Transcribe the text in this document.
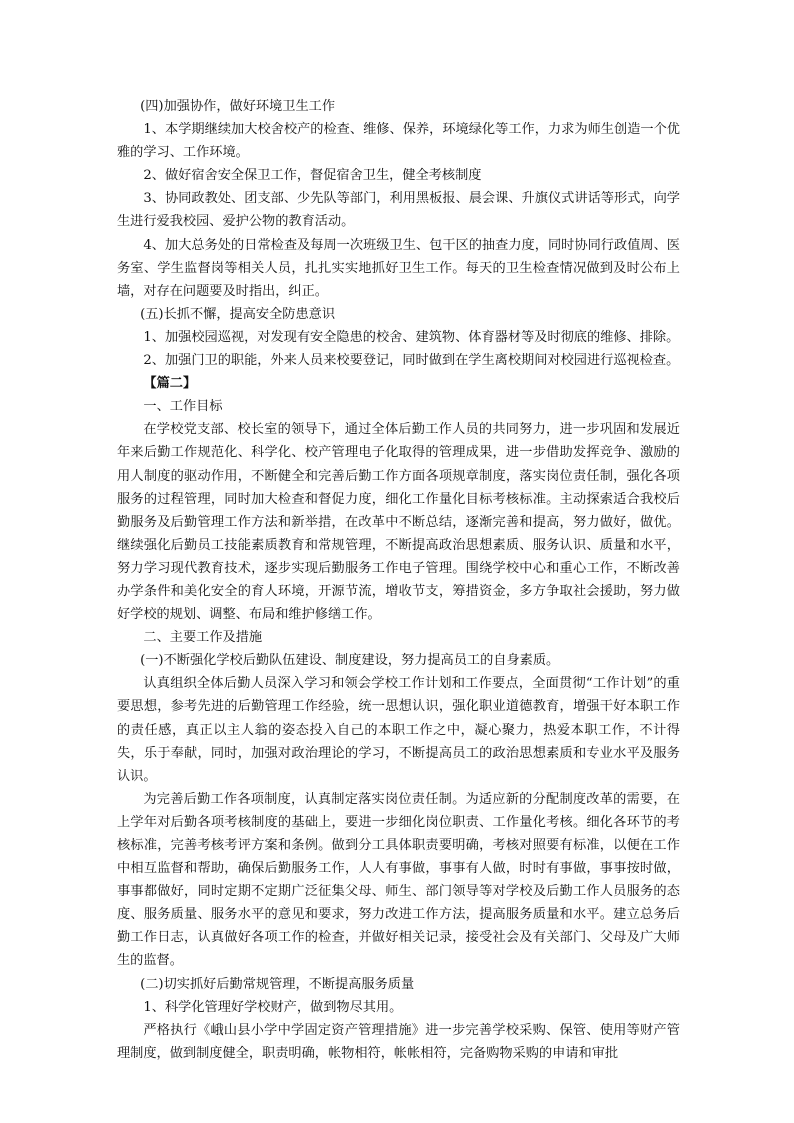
(四)加强协作，做好环境卫生工作

1、本学期继续加大校舍校产的检查、维修、保养，环境绿化等工作，力求为师生创造一个优雅的学习、工作环境。

2、做好宿舍安全保卫工作，督促宿舍卫生，健全考核制度

3、协同政教处、团支部、少先队等部门，利用黑板报、晨会课、升旗仪式讲话等形式，向学生进行爱我校园、爱护公物的教育活动。

4、加大总务处的日常检查及每周一次班级卫生、包干区的抽查力度，同时协同行政值周、医务室、学生监督岗等相关人员，扎扎实实地抓好卫生工作。每天的卫生检查情况做到及时公布上墙，对存在问题要及时指出，纠正。

(五)长抓不懈，提高安全防患意识

1、加强校园巡视，对发现有安全隐患的校舍、建筑物、体育器材等及时彻底的维修、排除。

2、加强门卫的职能，外来人员来校要登记，同时做到在学生离校期间对校园进行巡视检查。

【篇二】

一、工作目标

在学校党支部、校长室的领导下，通过全体后勤工作人员的共同努力，进一步巩固和发展近年来后勤工作规范化、科学化、校产管理电子化取得的管理成果，进一步借助发挥竞争、激励的用人制度的驱动作用，不断健全和完善后勤工作方面各项规章制度，落实岗位责任制，强化各项服务的过程管理，同时加大检查和督促力度，细化工作量化目标考核标准。主动探索适合我校后勤服务及后勤管理工作方法和新举措，在改革中不断总结，逐渐完善和提高，努力做好，做优。继续强化后勤员工技能素质教育和常规管理，不断提高政治思想素质、服务认识、质量和水平，努力学习现代教育技术，逐步实现后勤服务工作电子管理。围绕学校中心和重心工作，不断改善办学条件和美化安全的育人环境，开源节流，增收节支，筹措资金，多方争取社会援助，努力做好学校的规划、调整、布局和维护修缮工作。

二、主要工作及措施

(一)不断强化学校后勤队伍建设、制度建设，努力提高员工的自身素质。

认真组织全体后勤人员深入学习和领会学校工作计划和工作要点，全面贯彻“工作计划”的重要思想，参考先进的后勤管理工作经验，统一思想认识，强化职业道德教育，增强干好本职工作的责任感，真正以主人翁的姿态投入自己的本职工作之中，凝心聚力，热爱本职工作，不计得失，乐于奉献，同时，加强对政治理论的学习，不断提高员工的政治思想素质和专业水平及服务认识。

为完善后勤工作各项制度，认真制定落实岗位责任制。为适应新的分配制度改革的需要，在上学年对后勤各项考核制度的基础上，要进一步细化岗位职责、工作量化考核。细化各环节的考核标准，完善考核考评方案和条例。做到分工具体职责要明确，考核对照要有标准，以便在工作中相互监督和帮助，确保后勤服务工作，人人有事做，事事有人做，时时有事做，事事按时做，事事都做好，同时定期不定期广泛征集父母、师生、部门领导等对学校及后勤工作人员服务的态度、服务质量、服务水平的意见和要求，努力改进工作方法，提高服务质量和水平。建立总务后勤工作日志，认真做好各项工作的检查，并做好相关记录，接受社会及有关部门、父母及广大师生的监督。

(二)切实抓好后勤常规管理，不断提高服务质量

1、科学化管理好学校财产，做到物尽其用。

严格执行《峨山县小学中学固定资产管理措施》进一步完善学校采购、保管、使用等财产管理制度，做到制度健全，职责明确，帐物相符，帐帐相符，完备购物采购的申请和审批
